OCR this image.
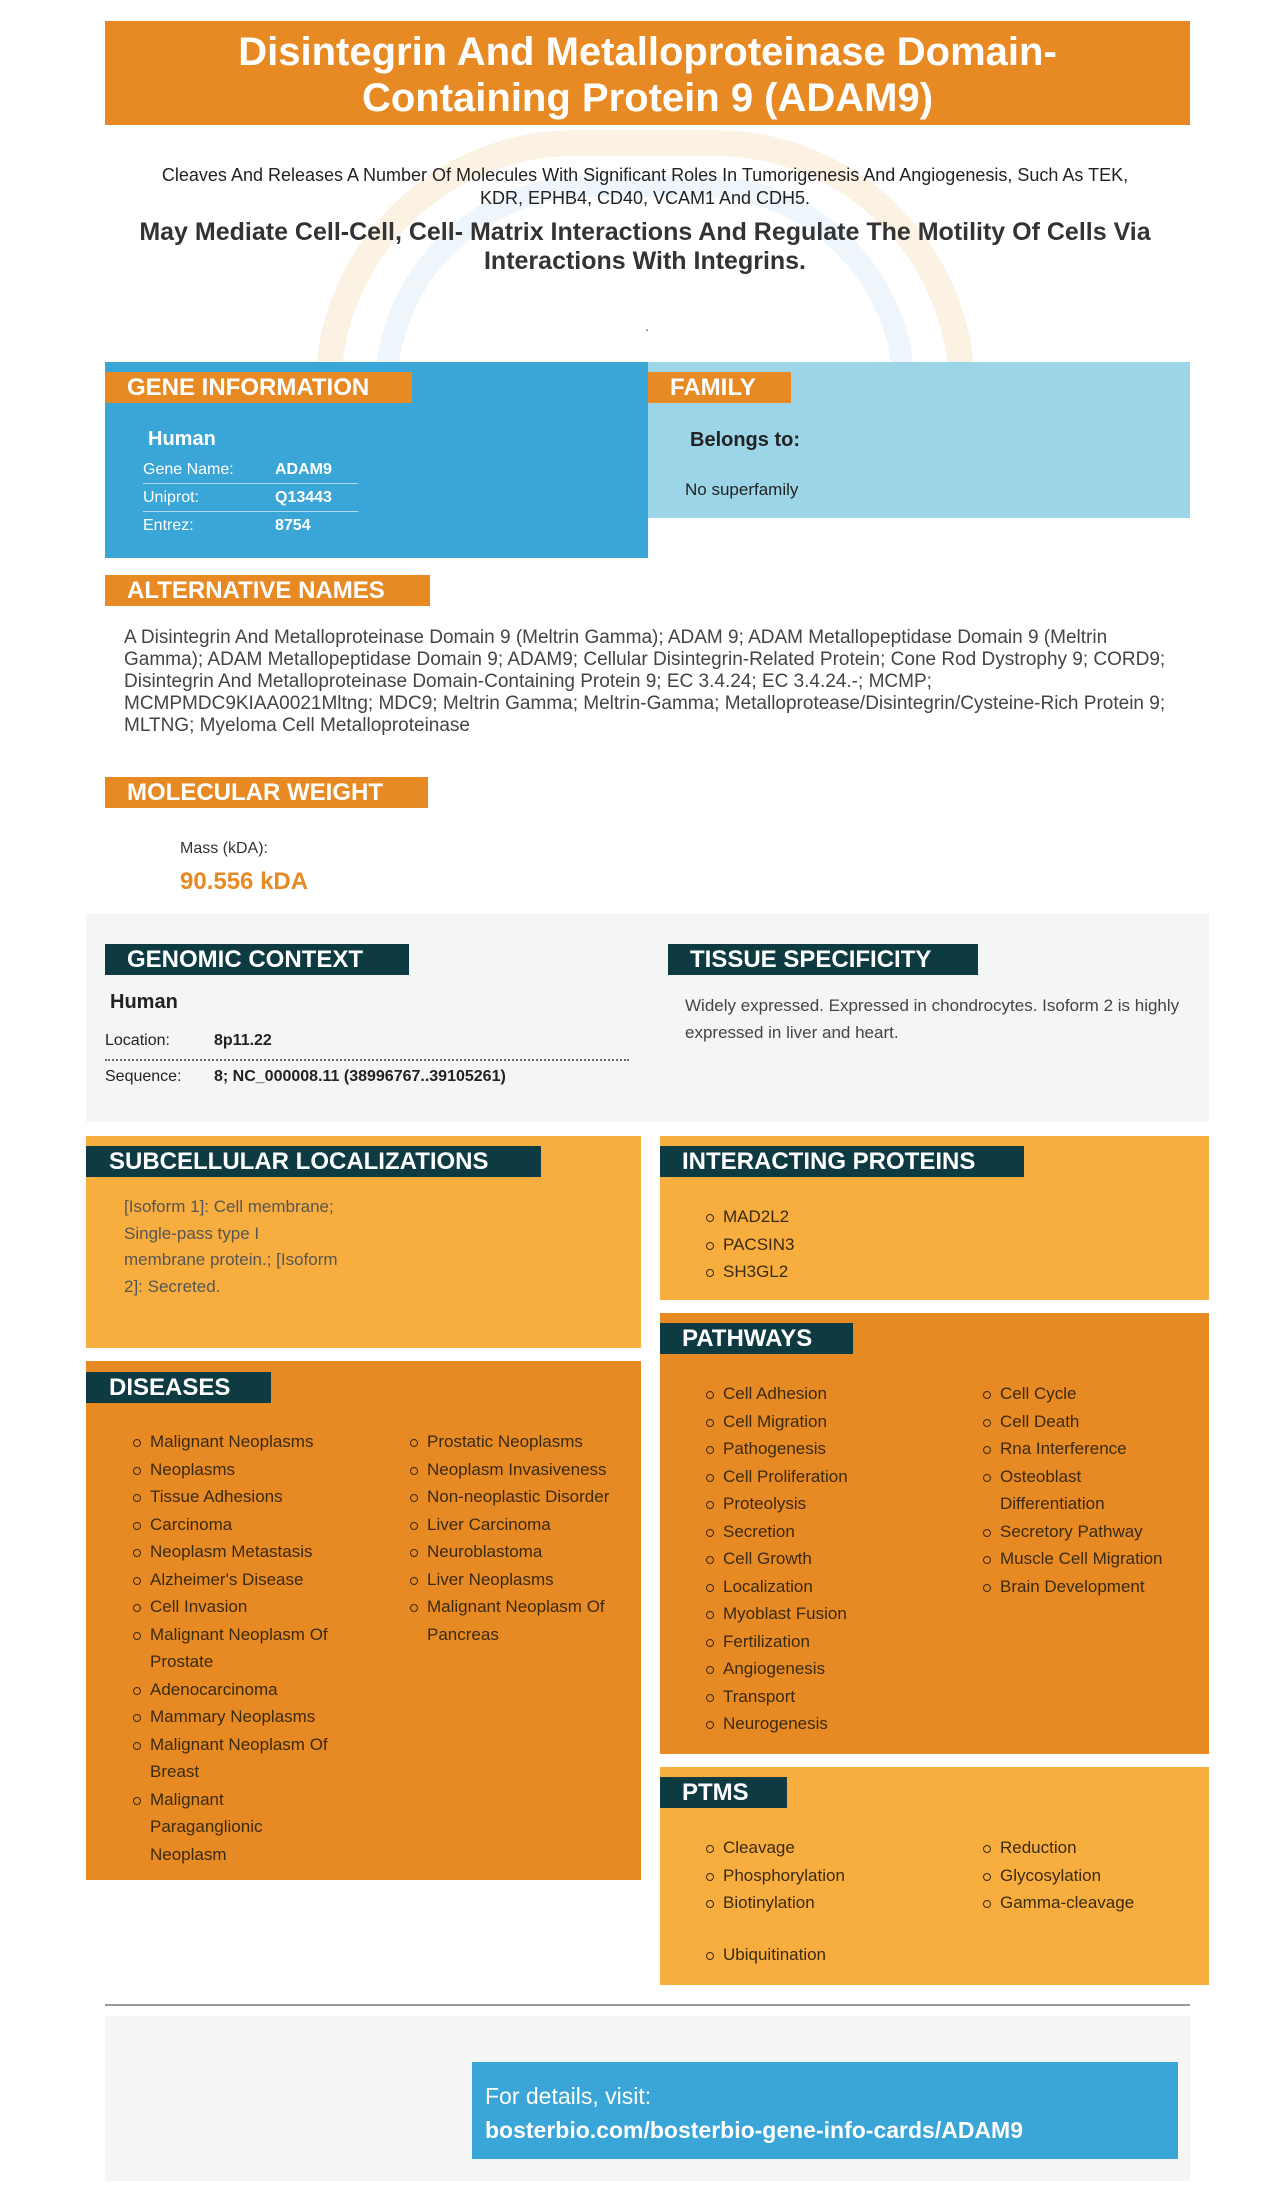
Disintegrin And Metalloproteinase Domain-
Containing Protein 9 (ADAM9)
Cleaves And Releases A Number Of Molecules With Significant Roles In Tumorigenesis And Angiogenesis, Such As TEK, KDR, EPHB4, CD40, VCAM1 And CDH5.
May Mediate Cell-Cell, Cell- Matrix Interactions And Regulate The Motility Of Cells Via Interactions With Integrins.
.
GENE INFORMATION
Human
Gene Name:	ADAM9
Uniprot:	Q13443
Entrez:	8754
FAMILY
Belongs to:
No superfamily
ALTERNATIVE NAMES
A Disintegrin And Metalloproteinase Domain 9 (Meltrin Gamma); ADAM 9; ADAM Metallopeptidase Domain 9 (Meltrin Gamma); ADAM Metallopeptidase Domain 9; ADAM9; Cellular Disintegrin-Related Protein; Cone Rod Dystrophy 9; CORD9; Disintegrin And Metalloproteinase Domain-Containing Protein 9; EC 3.4.24; EC 3.4.24.-; MCMP; MCMPMDC9KIAA0021Mltng; MDC9; Meltrin Gamma; Meltrin-Gamma; Metalloprotease/Disintegrin/Cysteine-Rich Protein 9; MLTNG; Myeloma Cell Metalloproteinase
MOLECULAR WEIGHT
Mass (kDA):
90.556 kDA
GENOMIC CONTEXT
Human
Location:	8p11.22
Sequence:	8; NC_000008.11 (38996767..39105261)
TISSUE SPECIFICITY
Widely expressed. Expressed in chondrocytes. Isoform 2 is highly expressed in liver and heart.
SUBCELLULAR LOCALIZATIONS
[Isoform 1]: Cell membrane; Single-pass type I membrane protein.; [Isoform 2]: Secreted.
INTERACTING PROTEINS
MAD2L2
PACSIN3
SH3GL2
DISEASES
Malignant Neoplasms
Neoplasms
Tissue Adhesions
Carcinoma
Neoplasm Metastasis
Alzheimer's Disease
Cell Invasion
Malignant Neoplasm Of Prostate
Adenocarcinoma
Mammary Neoplasms
Malignant Neoplasm Of Breast
Malignant Paraganglionic Neoplasm
Prostatic Neoplasms
Neoplasm Invasiveness
Non-neoplastic Disorder
Liver Carcinoma
Neuroblastoma
Liver Neoplasms
Malignant Neoplasm Of Pancreas
PATHWAYS
Cell Adhesion
Cell Migration
Pathogenesis
Cell Proliferation
Proteolysis
Secretion
Cell Growth
Localization
Myoblast Fusion
Fertilization
Angiogenesis
Transport
Neurogenesis
Cell Cycle
Cell Death
Rna Interference
Osteoblast Differentiation
Secretory Pathway
Muscle Cell Migration
Brain Development
PTMS
Cleavage
Phosphorylation
Biotinylation
Reduction
Glycosylation
Gamma-cleavage
Ubiquitination
For details, visit:
bosterbio.com/bosterbio-gene-info-cards/ADAM9
